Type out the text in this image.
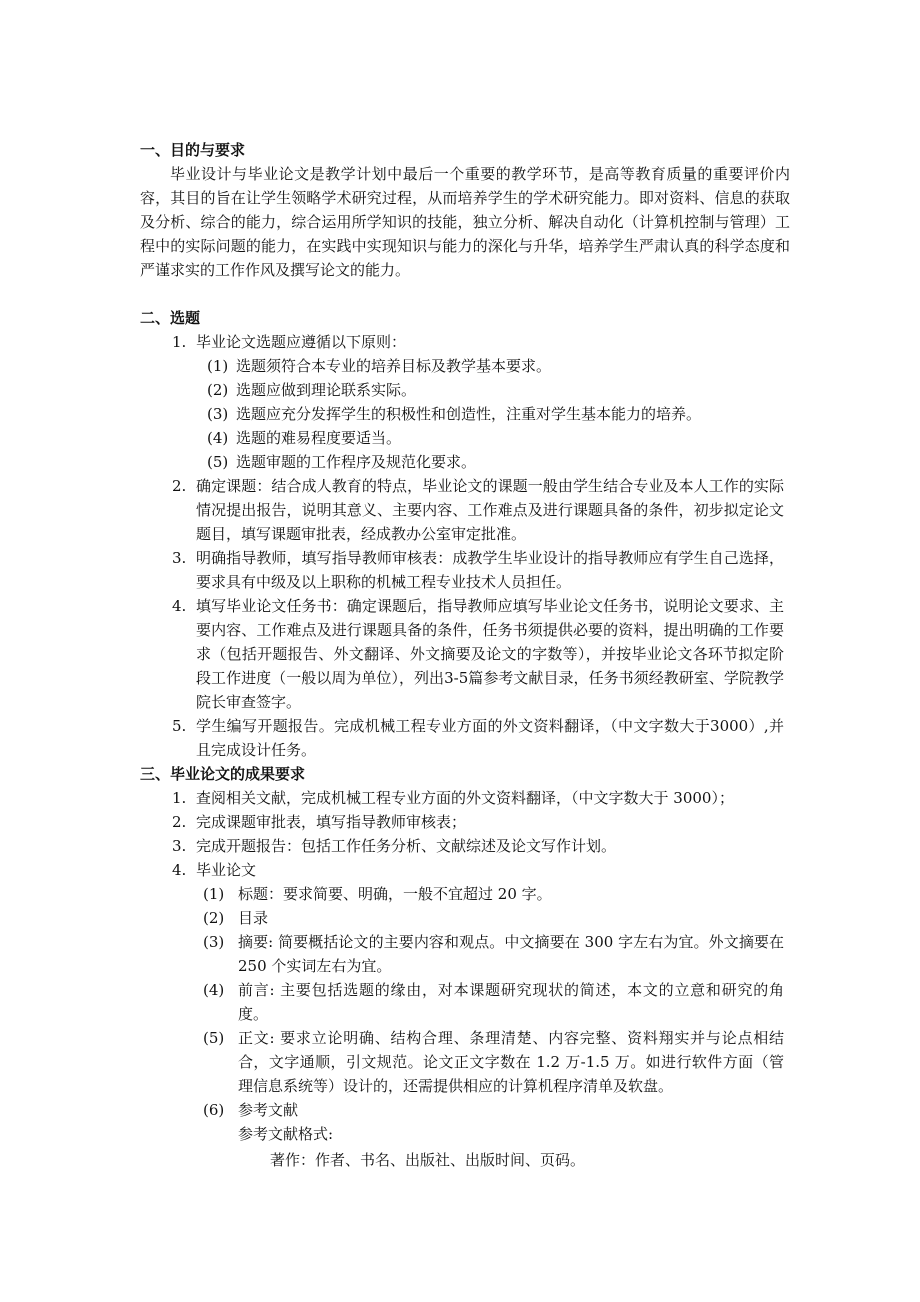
一、目的与要求
毕业设计与毕业论文是教学计划中最后一个重要的教学环节，是高等教育质量的重要评价内容，其目的旨在让学生领略学术研究过程，从而培养学生的学术研究能力。即对资料、信息的获取及分析、综合的能力，综合运用所学知识的技能，独立分析、解决自动化（计算机控制与管理）工程中的实际问题的能力，在实践中实现知识与能力的深化与升华，培养学生严肃认真的科学态度和严谨求实的工作作风及撰写论文的能力。
二、选题
1. 毕业论文选题应遵循以下原则：
(1) 选题须符合本专业的培养目标及教学基本要求。
(2) 选题应做到理论联系实际。
(3) 选题应充分发挥学生的积极性和创造性，注重对学生基本能力的培养。
(4) 选题的难易程度要适当。
(5) 选题审题的工作程序及规范化要求。
2. 确定课题：结合成人教育的特点，毕业论文的课题一般由学生结合专业及本人工作的实际情况提出报告，说明其意义、主要内容、工作难点及进行课题具备的条件，初步拟定论文题目，填写课题审批表，经成教办公室审定批准。
3. 明确指导教师，填写指导教师审核表：成教学生毕业设计的指导教师应有学生自己选择，要求具有中级及以上职称的机械工程专业技术人员担任。
4. 填写毕业论文任务书：确定课题后，指导教师应填写毕业论文任务书，说明论文要求、主要内容、工作难点及进行课题具备的条件，任务书须提供必要的资料，提出明确的工作要求（包括开题报告、外文翻译、外文摘要及论文的字数等），并按毕业论文各环节拟定阶段工作进度（一般以周为单位），列出3-5篇参考文献目录，任务书须经教研室、学院教学院长审查签字。
5. 学生编写开题报告。完成机械工程专业方面的外文资料翻译，（中文字数大于3000）,并且完成设计任务。
三、毕业论文的成果要求
1. 查阅相关文献，完成机械工程专业方面的外文资料翻译，（中文字数大于 3000）；
2. 完成课题审批表，填写指导教师审核表；
3. 完成开题报告：包括工作任务分析、文献综述及论文写作计划。
4. 毕业论文
(1) 标题：要求简要、明确，一般不宜超过 20 字。
(2) 目录
(3) 摘要: 简要概括论文的主要内容和观点。中文摘要在 300 字左右为宜。外文摘要在 250 个实词左右为宜。
(4) 前言: 主要包括选题的缘由，对本课题研究现状的简述，本文的立意和研究的角度。
(5) 正文: 要求立论明确、结构合理、条理清楚、内容完整、资料翔实并与论点相结合，文字通顺，引文规范。论文正文字数在 1.2 万-1.5 万。如进行软件方面（管理信息系统等）设计的，还需提供相应的计算机程序清单及软盘。
(6) 参考文献
参考文献格式:
著作：作者、书名、出版社、出版时间、页码。
